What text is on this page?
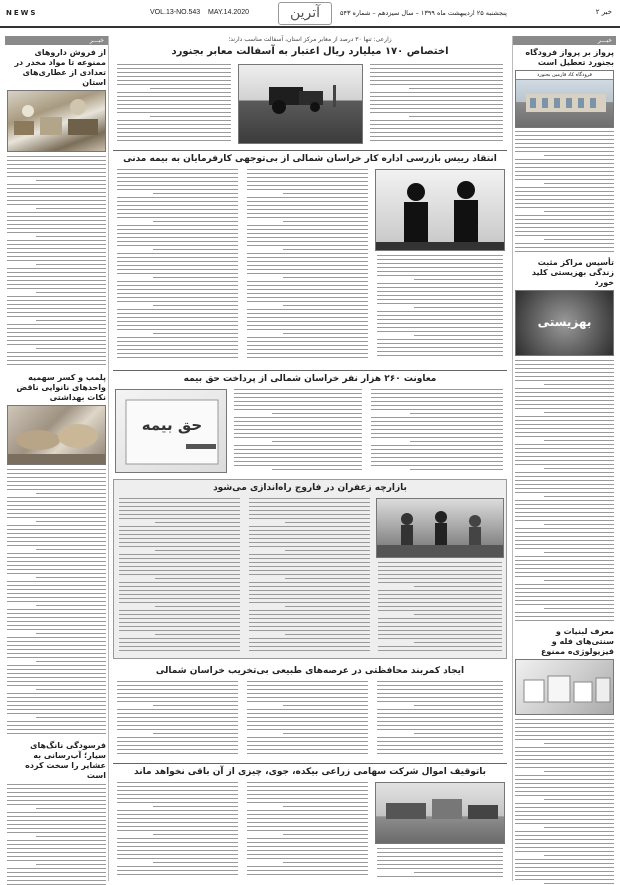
NEWS	VOL.13-NO.543 MAY.14.2020	آترین	پنجشنبه ۲۵ اردیبهشت ماه ۱۳۹۹ – سال سیزدهم – شماره ۵۴۳	خبر ۲
خبـــر
از فروش داروهای ممنوعه تا مواد مخدر در تعدادی از عطاری‌های استان
پلمب و کسر سهمیه واحدهای نانوایی ناقض نکات بهداشتی
فرسودگی نانگ‌های سیار؛ آب‌رسانی به عشایر را سخت کرده است
زارعی: تنها ۳۰ درصد از معابر مرکز استان، آسفالت مناسب دارند؛
اختصاص ۱۷۰ میلیارد ریال اعتبار به آسفالت معابر بجنورد
انتقاد رییس بازرسی اداره کار خراسان شمالی از بی‌توجهی کارفرمایان به بیمه مدنی
معاونت ۲۶۰ هزار نفر خراسان شمالی از پرداخت حق بیمه
حق بیمه
بازارچه زعفران در فاروج راه‌اندازی می‌شود
ایجاد کمربند محافظتی در عرصه‌های طبیعی بی‌تخریب خراسان شمالی
باتوقیف اموال شرکت سهامی زراعی بیکده، جوی، چیزی از آن باقی نخواهد ماند
خبـــر
پرواز بر پرواز فرودگاه بجنورد تعطیل است
فرودگاه کاد فارمین بجنورد
تأسیس مراکز مثبت زندگی بهزیستی کلید خورد
بهزیستی
معرف لبنیات و سنتی‌های فله و فیزیولوژی‌ه ممنوع
